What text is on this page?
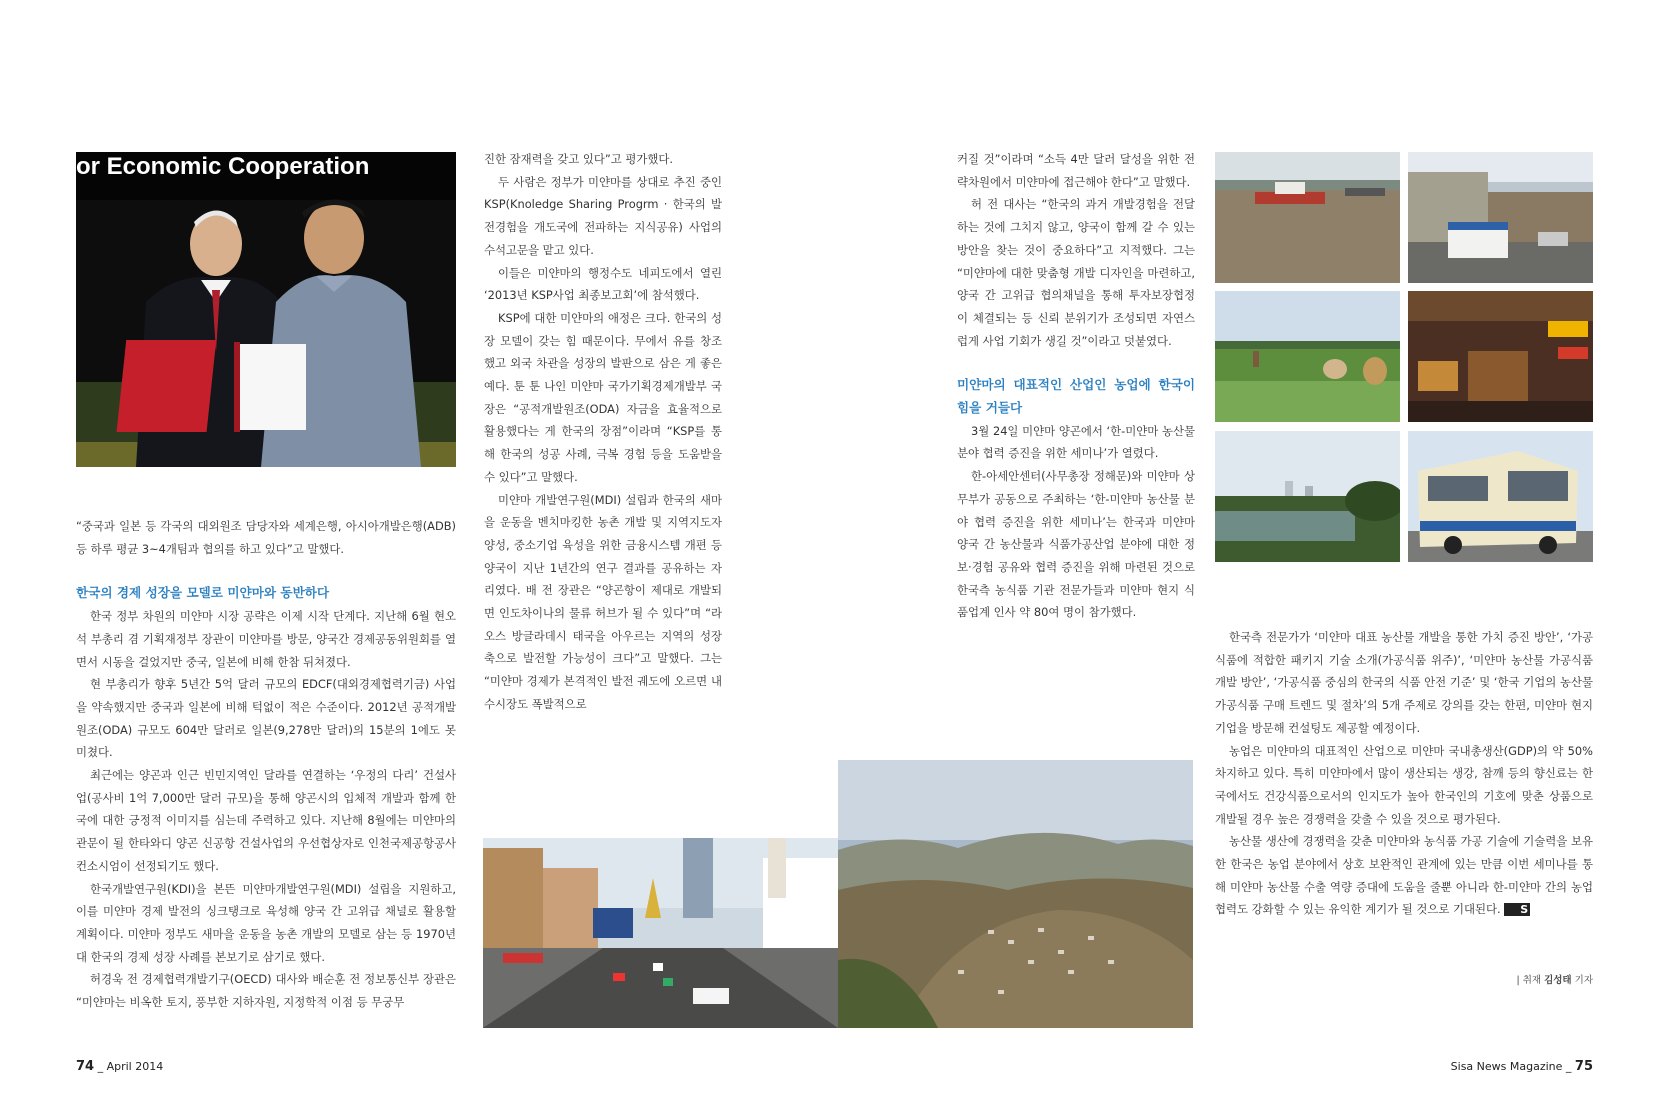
or Economic Cooperation

“중국과 일본 등 각국의 대외원조 담당자와 세계은행, 아시아개발은행(ADB) 등 하루 평균 3~4개팀과 협의를 하고 있다”고 말했다.

한국의 경제 성장을 모델로 미얀마와 동반하다

한국 정부 차원의 미얀마 시장 공략은 이제 시작 단계다. 지난해 6월 현오석 부총리 겸 기획재정부 장관이 미얀마를 방문, 양국간 경제공동위원회를 열면서 시동을 걸었지만 중국, 일본에 비해 한참 뒤쳐졌다.

현 부총리가 향후 5년간 5억 달러 규모의 EDCF(대외경제협력기금) 사업을 약속했지만 중국과 일본에 비해 턱없이 적은 수준이다. 2012년 공적개발원조(ODA) 규모도 604만 달러로 일본(9,278만 달러)의 15분의 1에도 못 미쳤다.

최근에는 양곤과 인근 빈민지역인 달라를 연결하는 ‘우정의 다리’ 건설사업(공사비 1억 7,000만 달러 규모)을 통해 양곤시의 입체적 개발과 함께 한국에 대한 긍정적 이미지를 심는데 주력하고 있다. 지난해 8월에는 미얀마의 관문이 될 한타와디 양곤 신공항 건설사업의 우선협상자로 인천국제공항공사 컨소시엄이 선정되기도 했다.

한국개발연구원(KDI)을 본뜬 미얀마개발연구원(MDI) 설립을 지원하고, 이를 미얀마 경제 발전의 싱크탱크로 육성해 양국 간 고위급 채널로 활용할 계획이다. 미얀마 정부도 새마을 운동을 농촌 개발의 모델로 삼는 등 1970년대 한국의 경제 성장 사례를 본보기로 삼기로 했다.

허경욱 전 경제협력개발기구(OECD) 대사와 배순훈 전 정보통신부 장관은 “미얀마는 비옥한 토지, 풍부한 지하자원, 지정학적 이점 등 무궁무

진한 잠재력을 갖고 있다”고 평가했다.

두 사람은 정부가 미얀마를 상대로 추진 중인 KSP(Knoledge Sharing Progrm · 한국의 발전경험을 개도국에 전파하는 지식공유) 사업의 수석고문을 맡고 있다.

이들은 미얀마의 행정수도 네피도에서 열린 ‘2013년 KSP사업 최종보고회’에 참석했다.

KSP에 대한 미얀마의 애정은 크다. 한국의 성장 모델이 갖는 힘 때문이다. 무에서 유를 창조했고 외국 차관을 성장의 발판으로 삼은 게 좋은 예다. 툰 툰 나인 미얀마 국가기획경제개발부 국장은 “공적개발원조(ODA) 자금을 효율적으로 활용했다는 게 한국의 장점”이라며 “KSP를 통해 한국의 성공 사례, 극복 경험 등을 도움받을 수 있다”고 말했다.

미얀마 개발연구원(MDI) 설립과 한국의 새마을 운동을 벤치마킹한 농촌 개발 및 지역지도자 양성, 중소기업 육성을 위한 금융시스템 개편 등 양국이 지난 1년간의 연구 결과를 공유하는 자리였다. 배 전 장관은 “양곤항이 제대로 개발되면 인도차이나의 물류 허브가 될 수 있다”며 “라오스 방글라데시 태국을 아우르는 지역의 성장 축으로 발전할 가능성이 크다”고 말했다. 그는 “미얀마 경제가 본격적인 발전 궤도에 오르면 내수시장도 폭발적으로

74 _ April 2014

커질 것”이라며 “소득 4만 달러 달성을 위한 전략차원에서 미얀마에 접근해야 한다”고 말했다.

허 전 대사는 “한국의 과거 개발경험을 전달하는 것에 그치지 않고, 양국이 함께 갈 수 있는 방안을 찾는 것이 중요하다”고 지적했다. 그는 “미얀마에 대한 맞춤형 개발 디자인을 마련하고, 양국 간 고위급 협의채널을 통해 투자보장협정이 체결되는 등 신뢰 분위기가 조성되면 자연스럽게 사업 기회가 생길 것”이라고 덧붙였다.

미얀마의 대표적인 산업인 농업에 한국이 힘을 거들다

3월 24일 미얀마 양곤에서 ‘한-미얀마 농산물 분야 협력 증진을 위한 세미나’가 열렸다.

한-아세안센터(사무총장 정해문)와 미얀마 상무부가 공동으로 주최하는 ‘한-미얀마 농산물 분야 협력 증진을 위한 세미나’는 한국과 미얀마 양국 간 농산물과 식품가공산업 분야에 대한 정보·경험 공유와 협력 증진을 위해 마련된 것으로 한국측 농식품 기관 전문가들과 미얀마 현지 식품업계 인사 약 80여 명이 참가했다.

한국측 전문가가 ‘미얀마 대표 농산물 개발을 통한 가치 증진 방안’, ‘가공식품에 적합한 패키지 기술 소개(가공식품 위주)’, ‘미얀마 농산물 가공식품 개발 방안’, ‘가공식품 중심의 한국의 식품 안전 기준’ 및 ‘한국 기업의 농산물 가공식품 구매 트렌드 및 절차’의 5개 주제로 강의를 갖는 한편, 미얀마 현지기업을 방문해 컨설팅도 제공할 예정이다.

농업은 미얀마의 대표적인 산업으로 미얀마 국내총생산(GDP)의 약 50% 차지하고 있다. 특히 미얀마에서 많이 생산되는 생강, 참깨 등의 향신료는 한국에서도 건강식품으로서의 인지도가 높아 한국인의 기호에 맞춘 상품으로 개발될 경우 높은 경쟁력을 갖출 수 있을 것으로 평가된다.

농산물 생산에 경쟁력을 갖춘 미얀마와 농식품 가공 기술에 기술력을 보유한 한국은 농업 분야에서 상호 보완적인 관계에 있는 만큼 이번 세미나를 통해 미얀마 농산물 수출 역량 증대에 도움을 줄뿐 아니라 한-미얀마 간의 농업 협력도 강화할 수 있는 유익한 계기가 될 것으로 기대된다. S

| 취재 김성태 기자
Sisa News Magazine _ 75
